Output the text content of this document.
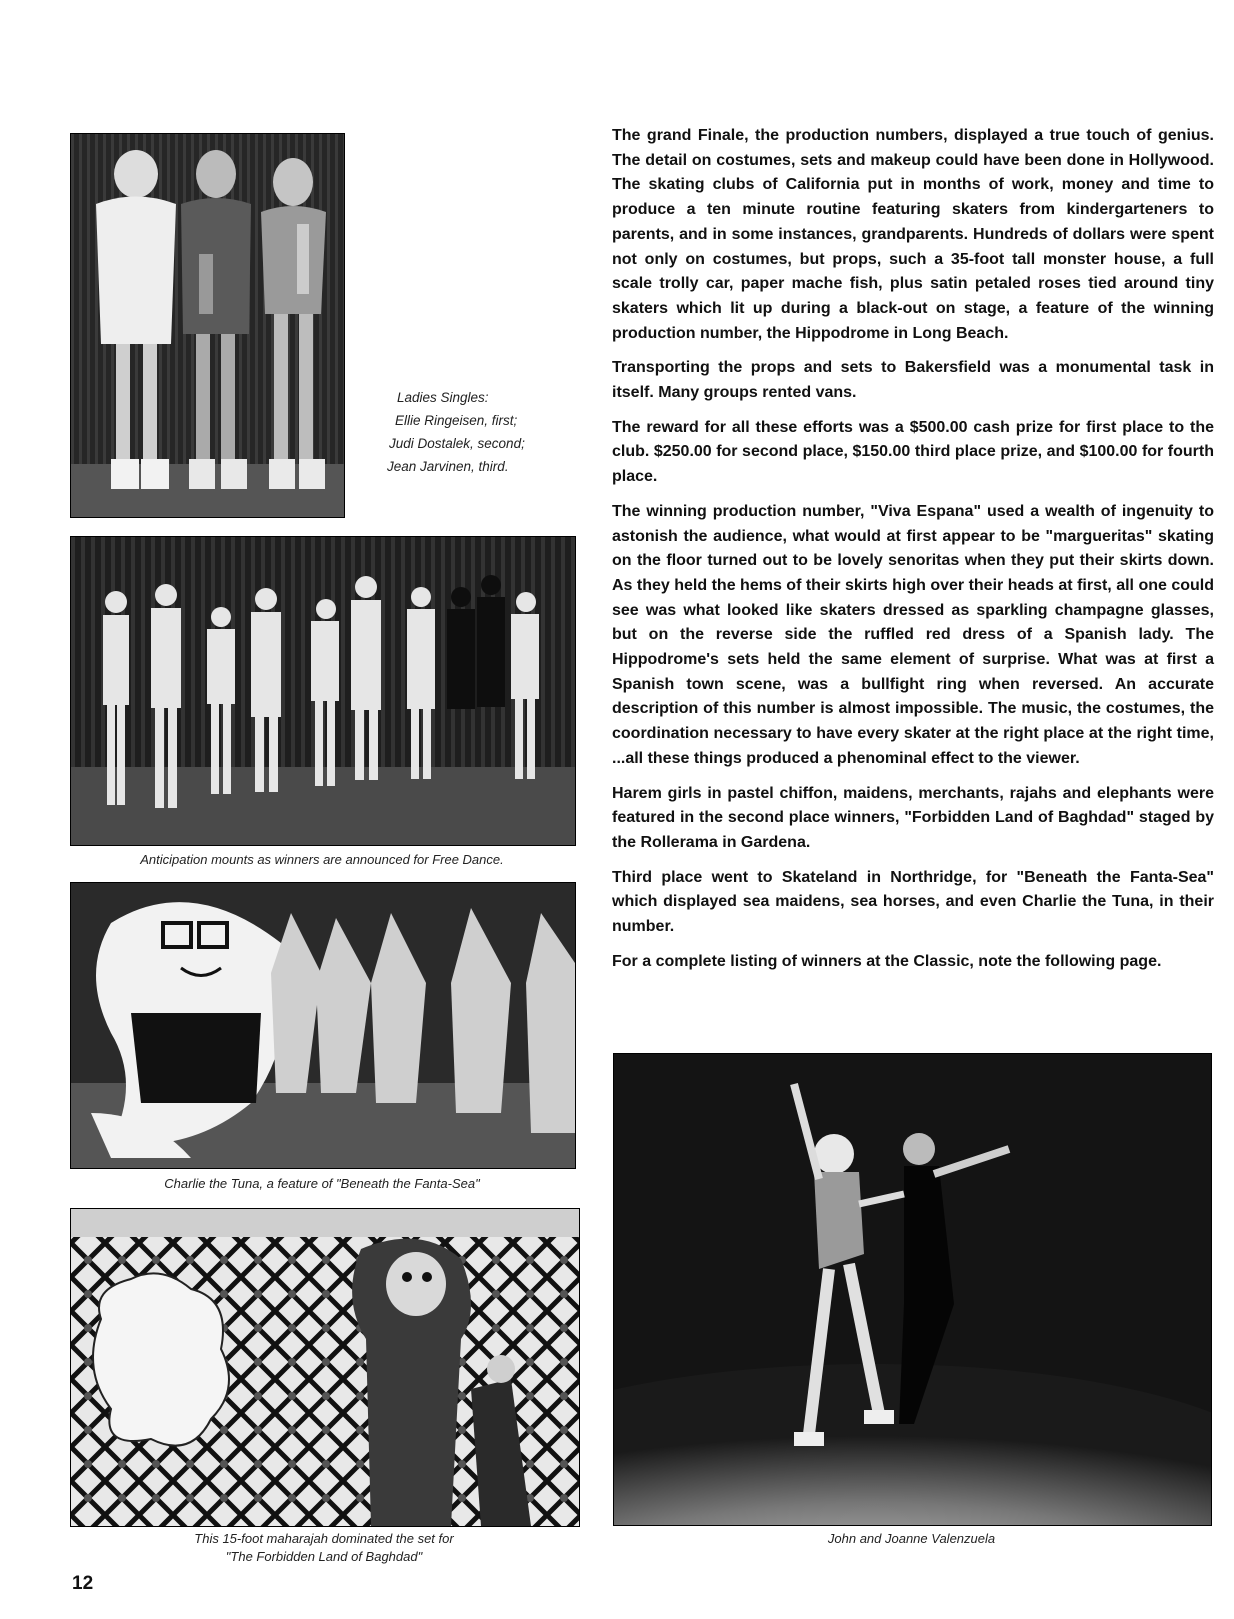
Ladies Singles:
Ellie Ringeisen, first;
Judi Dostalek, second;
Jean Jarvinen, third.
Anticipation mounts as winners are announced for Free Dance.
Charlie the Tuna, a feature of "Beneath the Fanta-Sea"
This 15-foot maharajah dominated the set for
"The Forbidden Land of Baghdad"
John and Joanne Valenzuela

The grand Finale, the production numbers, displayed a true touch of genius. The detail on costumes, sets and makeup could have been done in Hollywood. The skating clubs of California put in months of work, money and time to produce a ten minute routine featuring skaters from kindergarteners to parents, and in some instances, grandparents. Hundreds of dollars were spent not only on costumes, but props, such a 35-foot tall monster house, a full scale trolly car, paper mache fish, plus satin petaled roses tied around tiny skaters which lit up during a black-out on stage, a feature of the winning production number, the Hippodrome in Long Beach.

Transporting the props and sets to Bakersfield was a monumental task in itself. Many groups rented vans.

The reward for all these efforts was a $500.00 cash prize for first place to the club. $250.00 for second place, $150.00 third place prize, and $100.00 for fourth place.

The winning production number, "Viva Espana" used a wealth of ingenuity to astonish the audience, what would at first appear to be "margueritas" skating on the floor turned out to be lovely senoritas when they put their skirts down. As they held the hems of their skirts high over their heads at first, all one could see was what looked like skaters dressed as sparkling champagne glasses, but on the reverse side the ruffled red dress of a Spanish lady. The Hippodrome's sets held the same element of surprise. What was at first a Spanish town scene, was a bullfight ring when reversed. An accurate description of this number is almost impossible. The music, the costumes, the coordination necessary to have every skater at the right place at the right time, ...all these things produced a phenominal effect to the viewer.

Harem girls in pastel chiffon, maidens, merchants, rajahs and elephants were featured in the second place winners, "Forbidden Land of Baghdad" staged by the Rollerama in Gardena.

Third place went to Skateland in Northridge, for "Beneath the Fanta-Sea" which displayed sea maidens, sea horses, and even Charlie the Tuna, in their number.

For a complete listing of winners at the Classic, note the following page.

12
